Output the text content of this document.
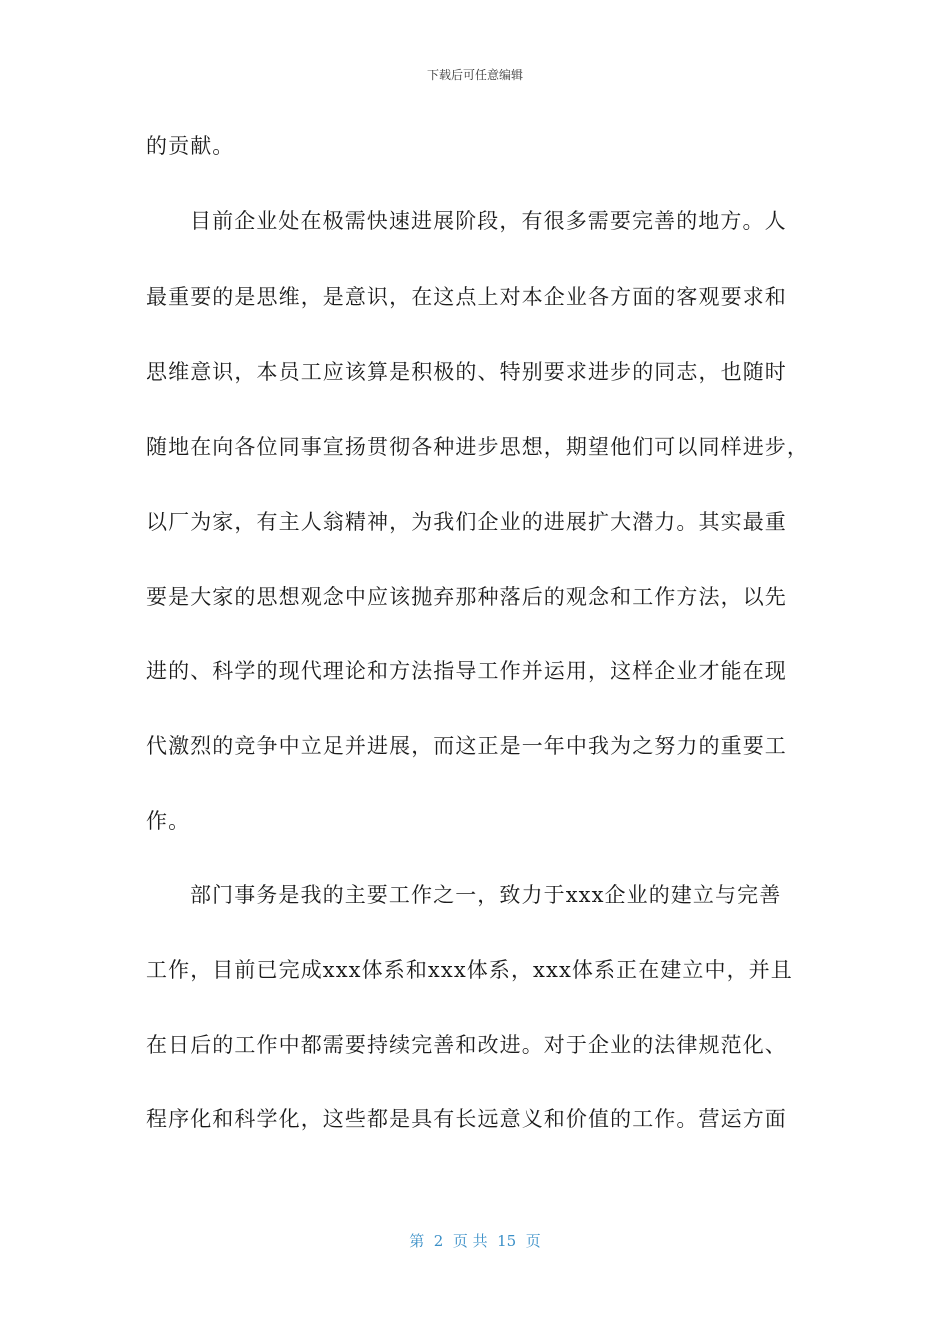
下载后可任意编辑
的贡献。
目前企业处在极需快速进展阶段，有很多需要完善的地方。人
最重要的是思维，是意识，在这点上对本企业各方面的客观要求和
思维意识，本员工应该算是积极的、特别要求进步的同志，也随时
随地在向各位同事宣扬贯彻各种进步思想，期望他们可以同样进步，
以厂为家，有主人翁精神，为我们企业的进展扩大潜力。其实最重
要是大家的思想观念中应该抛弃那种落后的观念和工作方法，以先
进的、科学的现代理论和方法指导工作并运用，这样企业才能在现
代激烈的竞争中立足并进展，而这正是一年中我为之努力的重要工
作。
部门事务是我的主要工作之一，致力于xxx企业的建立与完善
工作，目前已完成xxx体系和xxx体系，xxx体系正在建立中，并且
在日后的工作中都需要持续完善和改进。对于企业的法律规范化、
程序化和科学化，这些都是具有长远意义和价值的工作。营运方面
第  2  页 共  15  页
